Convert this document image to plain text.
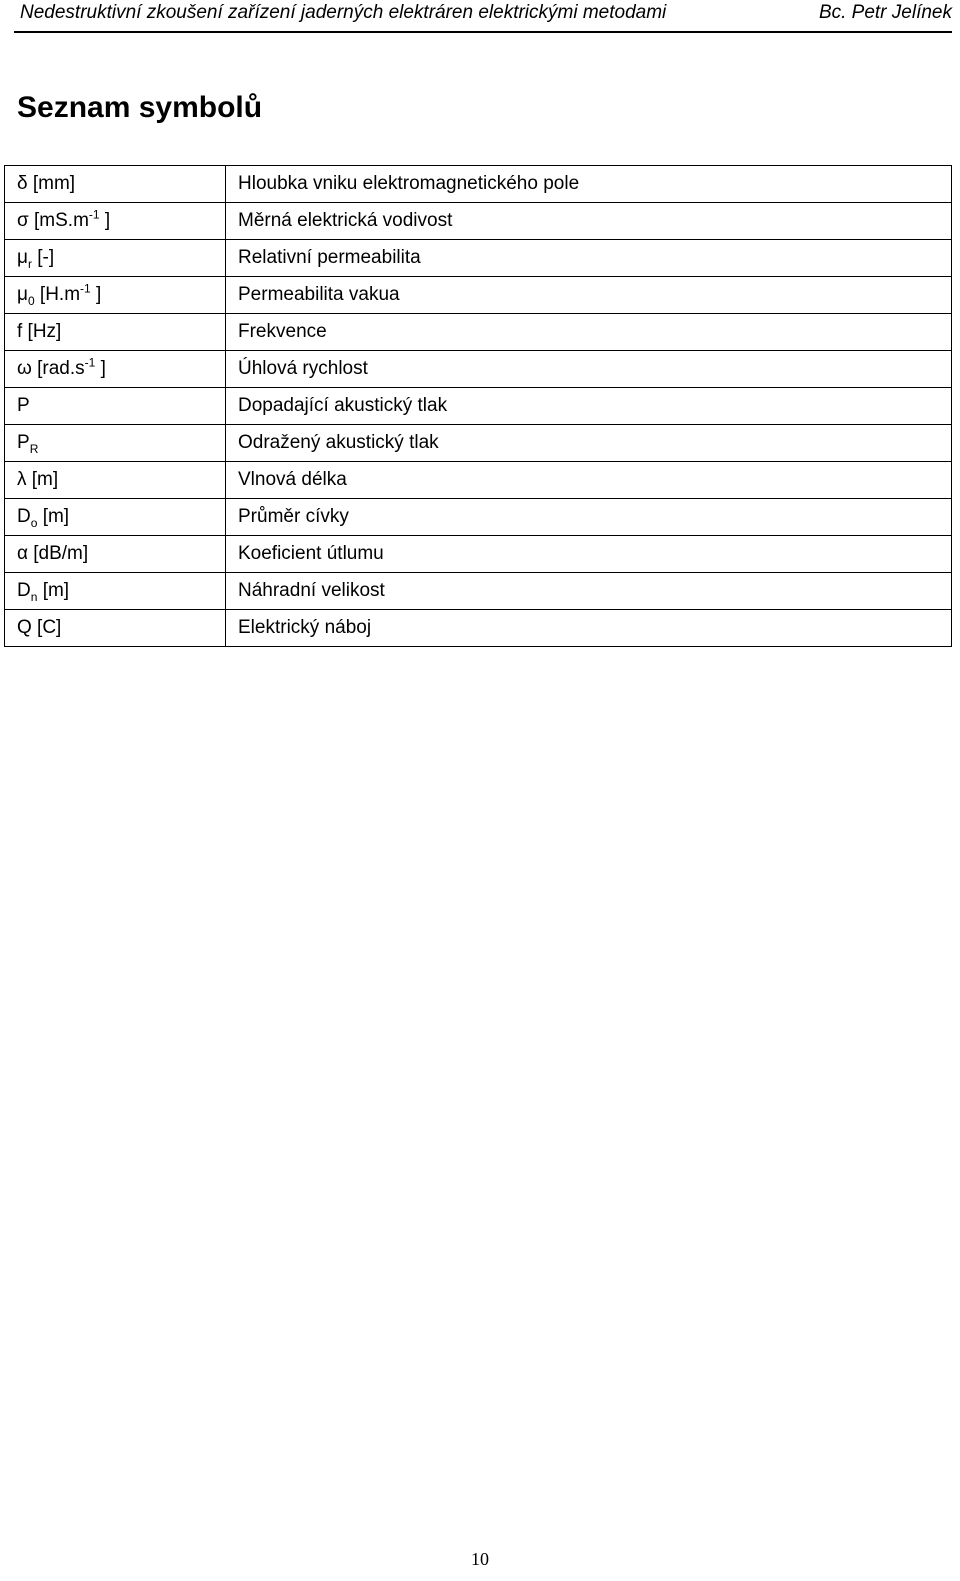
Nedestruktivní zkoušení zařízení jaderných elektráren elektrickými metodami	Bc. Petr Jelínek
Seznam symbolů
δ [mm]	Hloubka vniku elektromagnetického pole
σ [$mS.m^{-1}$ ]	Měrná elektrická vodivost
$\mu_r$ [-]	Relativní permeabilita
$\mu_0$ [$H.m^{-1}$ ]	Permeabilita vakua
f [Hz]	Frekvence
ω [$rad.s^{-1}$ ]	Úhlová rychlost
P	Dopadající akustický tlak
$P_R$	Odražený akustický tlak
λ [m]	Vlnová délka
$D_o$ [m]	Průměr cívky
α [dB/m]	Koeficient útlumu
$D_n$ [m]	Náhradní velikost
Q [C]	Elektrický náboj
10
